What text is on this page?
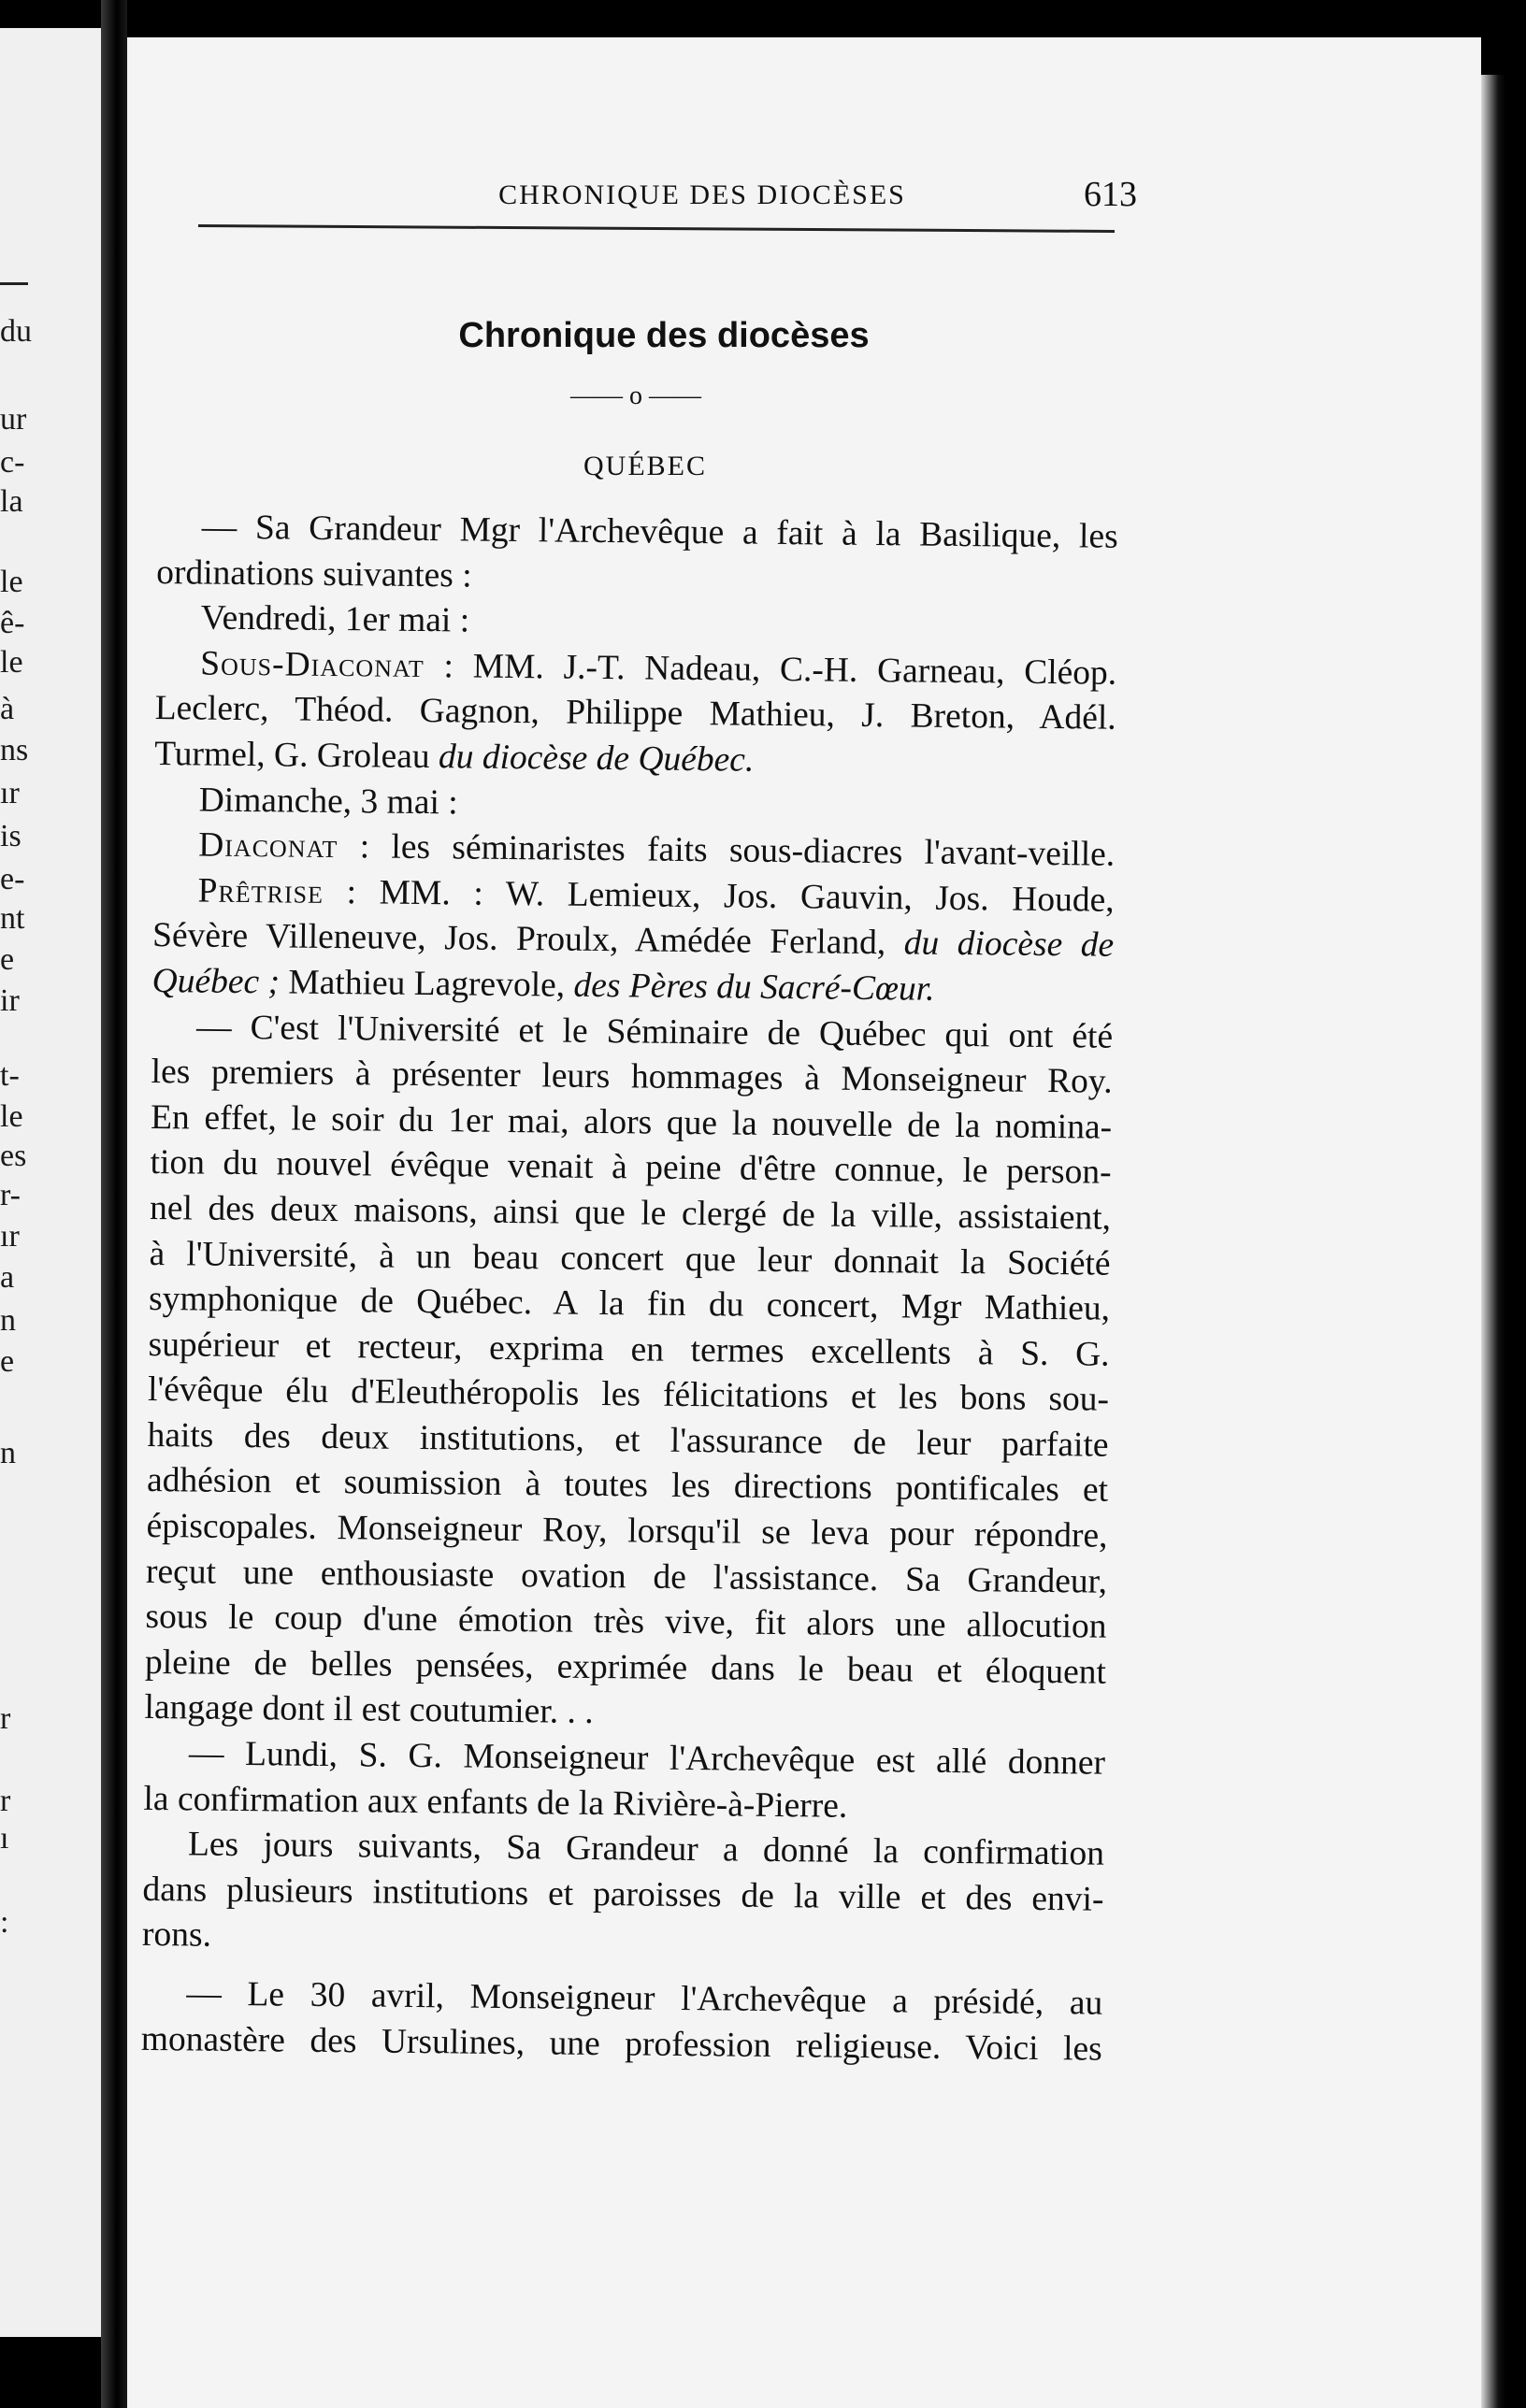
du
ur
c-
la
le
ê-
le
à
ns
ır
is
e-
nt
e
ir
t-
le
es
r-
ır
a
n
e
n
r
r
ı
:
CHRONIQUE DES DIOCÈSES	613
Chronique des diocèses
—— o ——
QUÉBEC
— Sa Grandeur Mgr l'Archevêque a fait à la Basilique, les
ordinations suivantes :
Vendredi, 1er mai :
Sous-Diaconat : MM. J.-T. Nadeau, C.-H. Garneau, Cléop.
Leclerc, Théod. Gagnon, Philippe Mathieu, J. Breton, Adél.
Turmel, G. Groleau du diocèse de Québec.
Dimanche, 3 mai :
Diaconat : les séminaristes faits sous-diacres l'avant-veille.
Prêtrise : MM. : W. Lemieux, Jos. Gauvin, Jos. Houde,
Sévère Villeneuve, Jos. Proulx, Amédée Ferland, du diocèse de
Québec ; Mathieu Lagrevole, des Pères du Sacré-Cœur.
— C'est l'Université et le Séminaire de Québec qui ont été
les premiers à présenter leurs hommages à Monseigneur Roy.
En effet, le soir du 1er mai, alors que la nouvelle de la nomina-
tion du nouvel évêque venait à peine d'être connue, le person-
nel des deux maisons, ainsi que le clergé de la ville, assistaient,
à l'Université, à un beau concert que leur donnait la Société
symphonique de Québec. A la fin du concert, Mgr Mathieu,
supérieur et recteur, exprima en termes excellents à S. G.
l'évêque élu d'Eleuthéropolis les félicitations et les bons sou-
haits des deux institutions, et l'assurance de leur parfaite
adhésion et soumission à toutes les directions pontificales et
épiscopales. Monseigneur Roy, lorsqu'il se leva pour répondre,
reçut une enthousiaste ovation de l'assistance. Sa Grandeur,
sous le coup d'une émotion très vive, fit alors une allocution
pleine de belles pensées, exprimée dans le beau et éloquent
langage dont il est coutumier. . .
— Lundi, S. G. Monseigneur l'Archevêque est allé donner
la confirmation aux enfants de la Rivière-à-Pierre.
Les jours suivants, Sa Grandeur a donné la confirmation
dans plusieurs institutions et paroisses de la ville et des envi-
rons.
— Le 30 avril, Monseigneur l'Archevêque a présidé, au
monastère des Ursulines, une profession religieuse. Voici les
